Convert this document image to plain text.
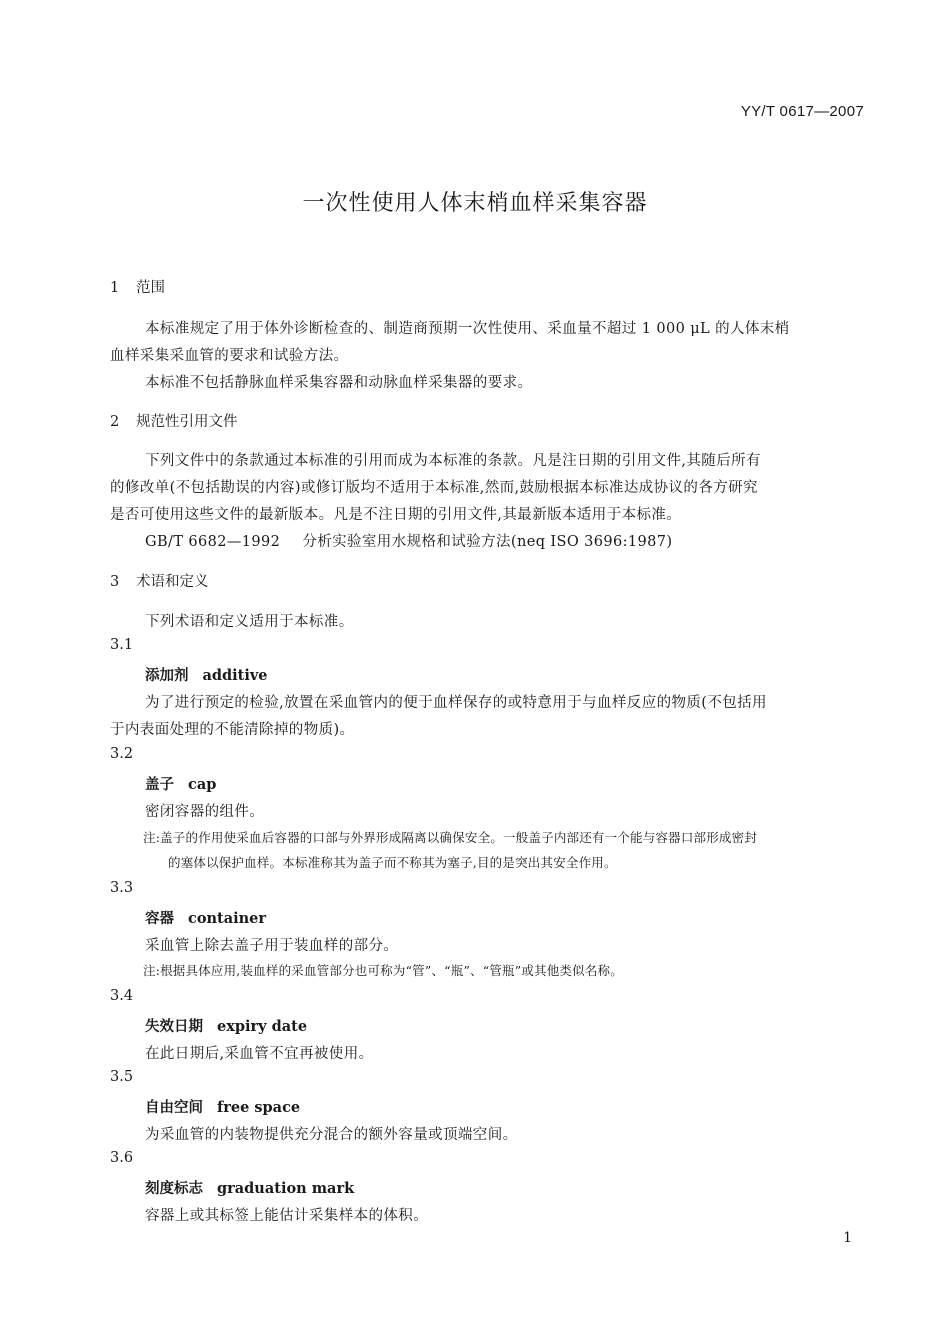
YY/T 0617—2007
一次性使用人体末梢血样采集容器
1 范围
本标准规定了用于体外诊断检查的、制造商预期一次性使用、采血量不超过 1 000 μL 的人体末梢
血样采集采血管的要求和试验方法。
本标准不包括静脉血样采集容器和动脉血样采集器的要求。
2 规范性引用文件
下列文件中的条款通过本标准的引用而成为本标准的条款。凡是注日期的引用文件,其随后所有
的修改单(不包括勘误的内容)或修订版均不适用于本标准,然而,鼓励根据本标准达成协议的各方研究
是否可使用这些文件的最新版本。凡是不注日期的引用文件,其最新版本适用于本标准。
GB/T 6682—1992 分析实验室用水规格和试验方法(neq ISO 3696:1987)
3 术语和定义
下列术语和定义适用于本标准。
3.1
添加剂 additive
为了进行预定的检验,放置在采血管内的便于血样保存的或特意用于与血样反应的物质(不包括用
于内表面处理的不能清除掉的物质)。
3.2
盖子 cap
密闭容器的组件。
注:盖子的作用使采血后容器的口部与外界形成隔离以确保安全。一般盖子内部还有一个能与容器口部形成密封
的塞体以保护血样。本标准称其为盖子而不称其为塞子,目的是突出其安全作用。
3.3
容器 container
采血管上除去盖子用于装血样的部分。
注:根据具体应用,装血样的采血管部分也可称为“管”、“瓶”、“管瓶”或其他类似名称。
3.4
失效日期 expiry date
在此日期后,采血管不宜再被使用。
3.5
自由空间 free space
为采血管的内装物提供充分混合的额外容量或顶端空间。
3.6
刻度标志 graduation mark
容器上或其标签上能估计采集样本的体积。
1
